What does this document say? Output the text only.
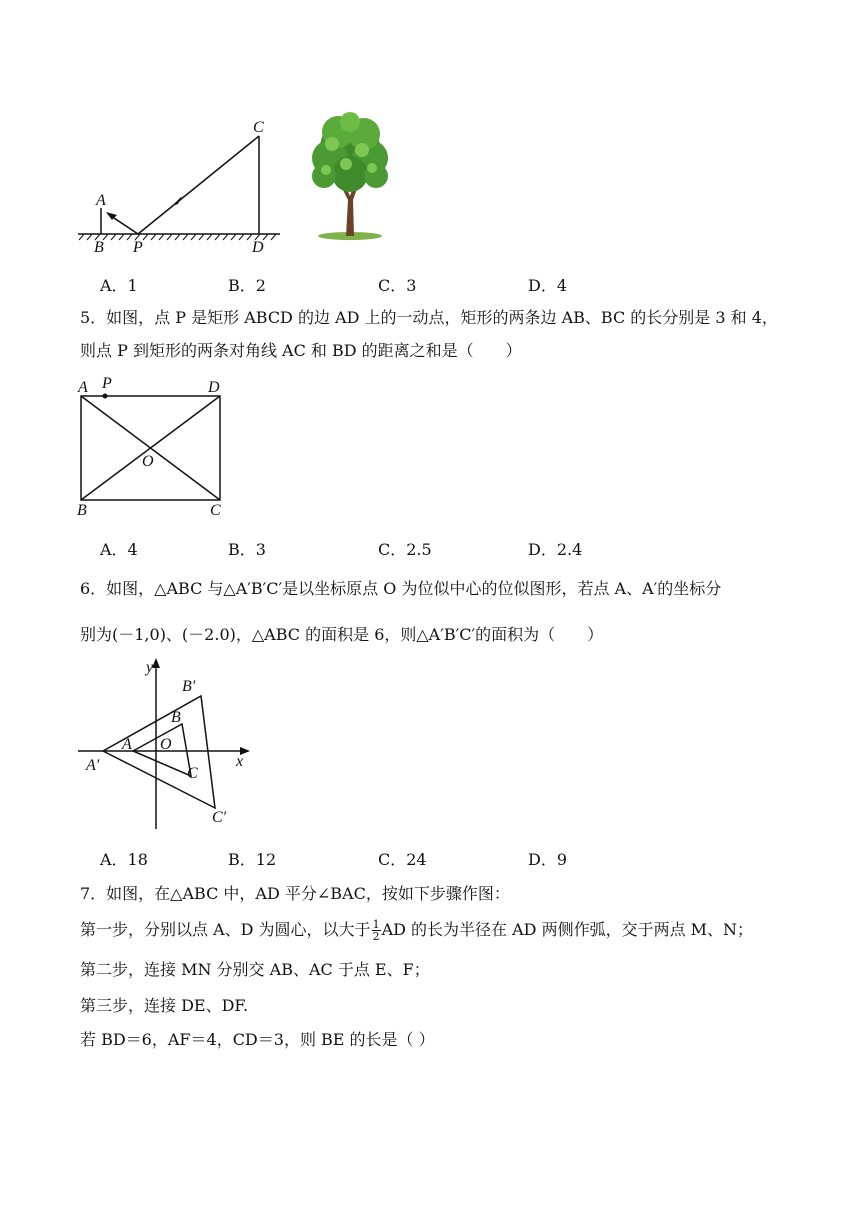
A
B P
C
D
A．1	B．2	C．3	D．4
5．如图，点 P 是矩形 ABCD 的边 AD 上的一动点，矩形的两条边 AB、BC 的长分别是 3 和 4，
则点 P 到矩形的两条对角线 AC 和 BD 的距离之和是（　　）
A P	D
O
B	C
A．4	B．3	C．2.5	D．2.4
6．如图，△ABC 与△A′B′C′是以坐标原点 O 为位似中心的位似图形，若点 A、A′的坐标分
别为(－1,0)、(－2.0)，△ABC 的面积是 6，则△A′B′C′的面积为（　　）
y
x
A O
B
C
A′
B′
C′
A．18	B．12	C．24	D．9
7．如图，在△ABC 中，AD 平分∠BAC，按如下步骤作图：
第一步，分别以点 A、D 为圆心，以大于 $\frac{1}{2}$ AD 的长为半径在 AD 两侧作弧，交于两点 M、N；
第二步，连接 MN 分别交 AB、AC 于点 E、F；
第三步，连接 DE、DF.
若 BD＝6，AF＝4，CD＝3，则 BE 的长是（ ）
